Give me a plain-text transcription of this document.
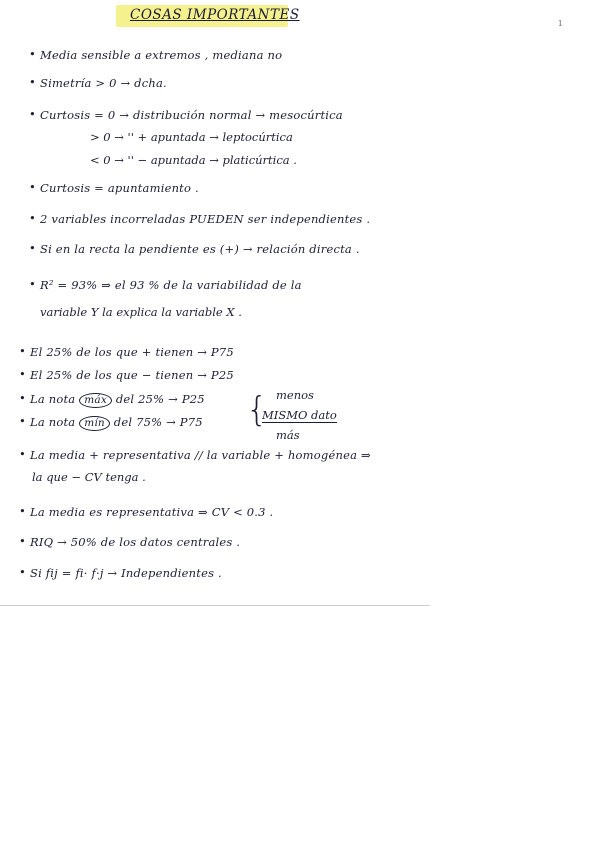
COSAS IMPORTANTES	ı
• Media sensible a extremos , mediana no
• Simetría > 0 → dcha.
• Curtosis = 0 → distribución normal → mesocúrtica
> 0 → '' + apuntada → leptocúrtica
< 0 → '' − apuntada → platicúrtica .
• Curtosis = apuntamiento .
• 2 variables incorreladas PUEDEN ser independientes .
• Si en la recta la pendiente es (+) → relación directa .
• R² = 93% ⇒ el 93 % de la variabilidad de la
variable Y la explica la variable X .
• El 25% de los que + tienen → P75
• El 25% de los que − tienen → P25
• La nota máx del 25% → P25
• La nota mín del 75% → P75 { menos
MISMO dato
más
• La media + representativa // la variable + homogénea ⇒
la que − CV tenga .
• La media es representativa ⇒ CV < 0.3 .
• RIQ → 50% de los datos centrales .
• Si fij = fi· f·j → Independientes .
